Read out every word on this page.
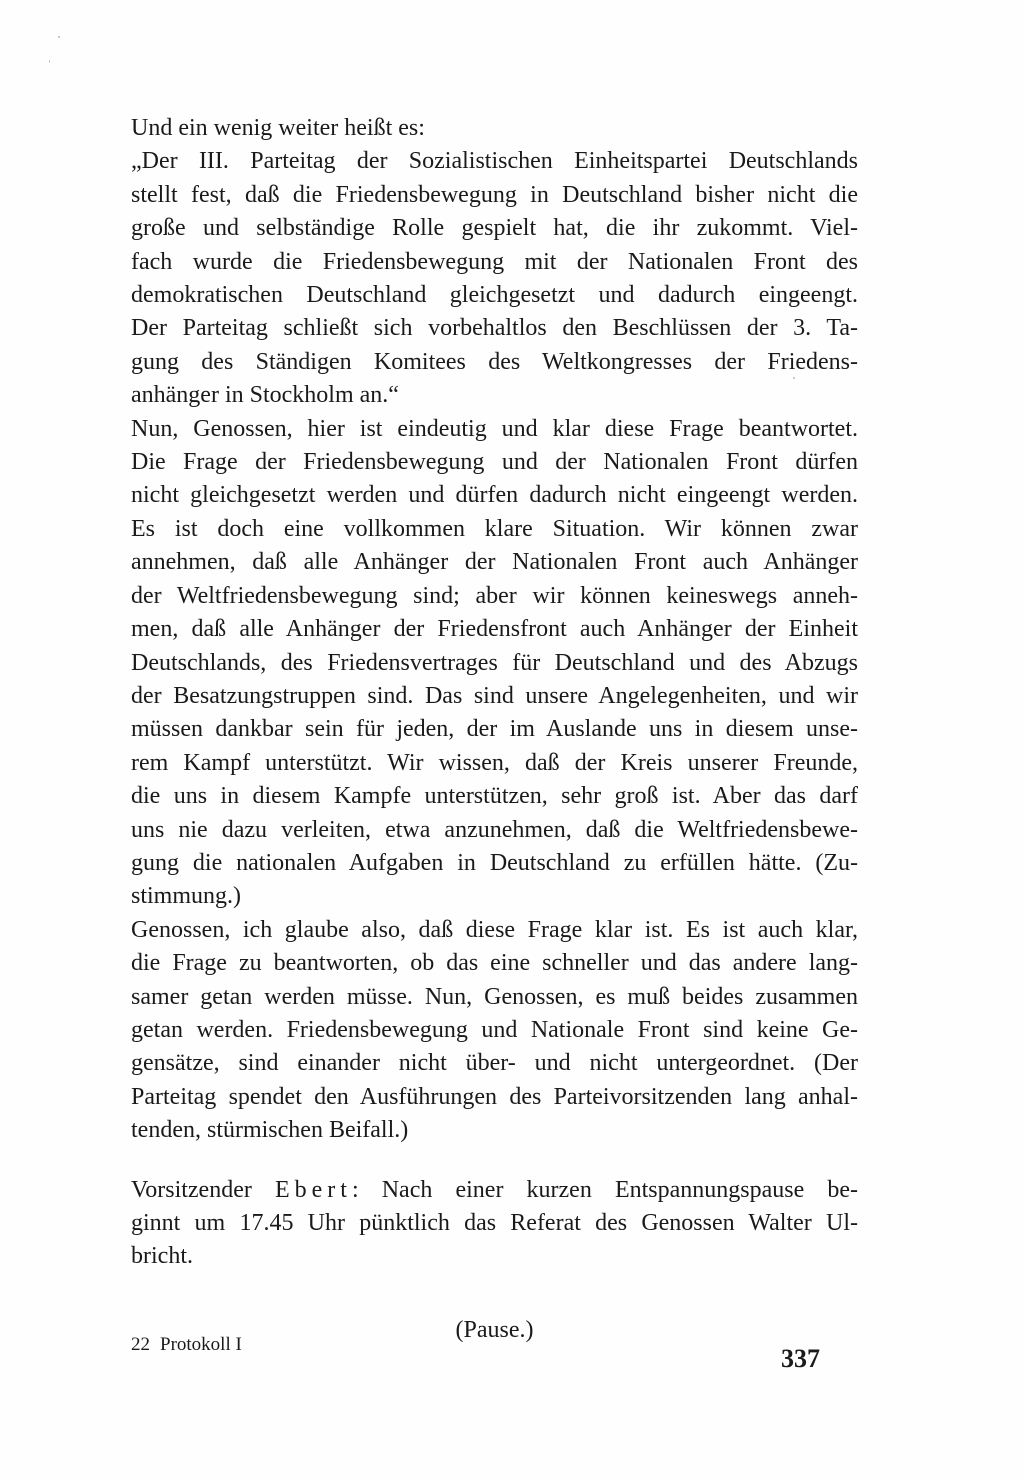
Und ein wenig weiter heißt es:
„Der III. Parteitag der Sozialistischen Einheitspartei Deutschlands
stellt fest, daß die Friedensbewegung in Deutschland bisher nicht die
große und selbständige Rolle gespielt hat, die ihr zukommt. Viel-
fach wurde die Friedensbewegung mit der Nationalen Front des
demokratischen Deutschland gleichgesetzt und dadurch eingeengt.
Der Parteitag schließt sich vorbehaltlos den Beschlüssen der 3. Ta-
gung des Ständigen Komitees des Weltkongresses der Friedens-
anhänger in Stockholm an.“
Nun, Genossen, hier ist eindeutig und klar diese Frage beantwortet.
Die Frage der Friedensbewegung und der Nationalen Front dürfen
nicht gleichgesetzt werden und dürfen dadurch nicht eingeengt werden.
Es ist doch eine vollkommen klare Situation. Wir können zwar
annehmen, daß alle Anhänger der Nationalen Front auch Anhänger
der Weltfriedensbewegung sind; aber wir können keineswegs anneh-
men, daß alle Anhänger der Friedensfront auch Anhänger der Einheit
Deutschlands, des Friedensvertrages für Deutschland und des Abzugs
der Besatzungstruppen sind. Das sind unsere Angelegenheiten, und wir
müssen dankbar sein für jeden, der im Auslande uns in diesem unse-
rem Kampf unterstützt. Wir wissen, daß der Kreis unserer Freunde,
die uns in diesem Kampfe unterstützen, sehr groß ist. Aber das darf
uns nie dazu verleiten, etwa anzunehmen, daß die Weltfriedensbewe-
gung die nationalen Aufgaben in Deutschland zu erfüllen hätte. (Zu-
stimmung.)
Genossen, ich glaube also, daß diese Frage klar ist. Es ist auch klar,
die Frage zu beantworten, ob das eine schneller und das andere lang-
samer getan werden müsse. Nun, Genossen, es muß beides zusammen
getan werden. Friedensbewegung und Nationale Front sind keine Ge-
gensätze, sind einander nicht über- und nicht untergeordnet. (Der
Parteitag spendet den Ausführungen des Parteivorsitzenden lang anhal-
tenden, stürmischen Beifall.)
Vorsitzender Ebert: Nach einer kurzen Entspannungspause be-
ginnt um 17.45 Uhr pünktlich das Referat des Genossen Walter Ul-
bricht.
(Pause.)
22 Protokoll I	337
